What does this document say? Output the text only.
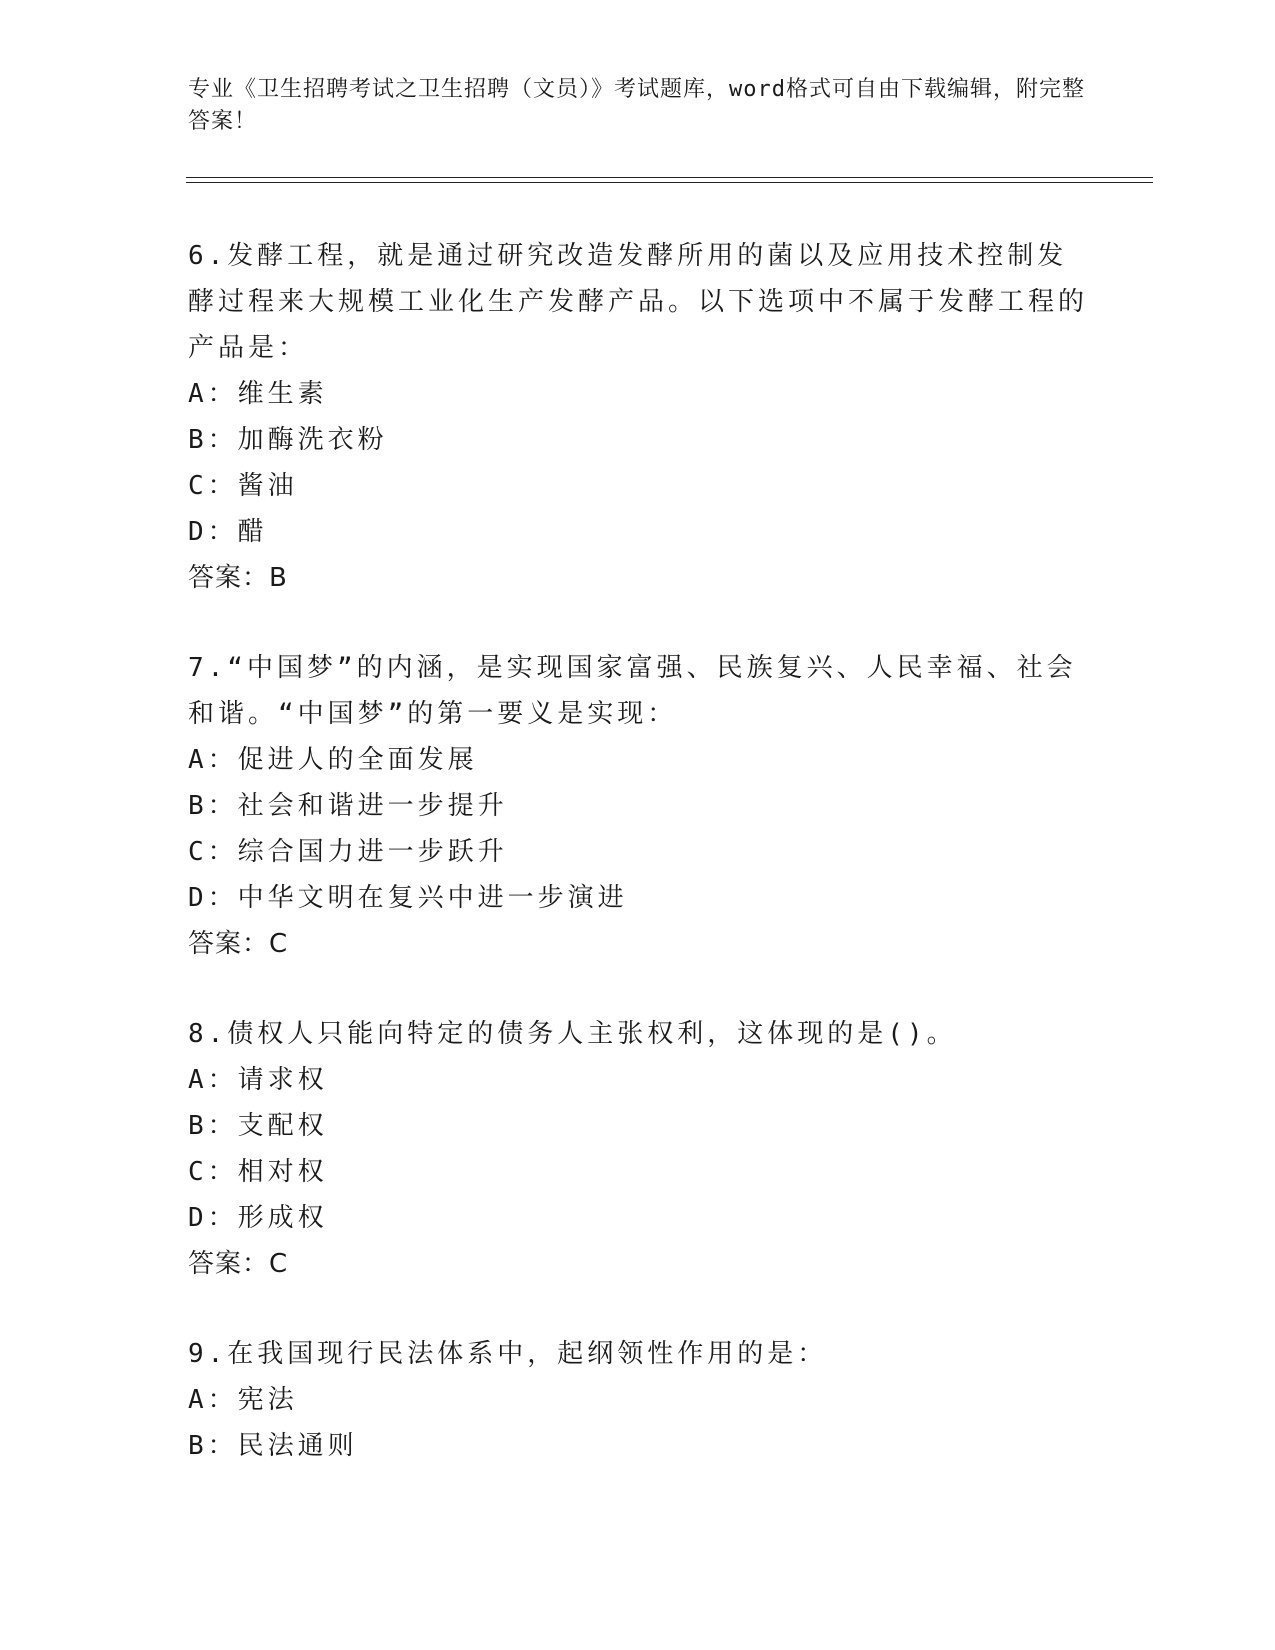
专业《卫生招聘考试之卫生招聘（文员）》考试题库，word格式可自由下载编辑，附完整答案！
6.发酵工程，就是通过研究改造发酵所用的菌以及应用技术控制发酵过程来大规模工业化生产发酵产品。以下选项中不属于发酵工程的产品是：
A：维生素
B：加酶洗衣粉
C：酱油
D：醋
答案：B
7.“中国梦”的内涵，是实现国家富强、民族复兴、人民幸福、社会和谐。“中国梦”的第一要义是实现：
A：促进人的全面发展
B：社会和谐进一步提升
C：综合国力进一步跃升
D：中华文明在复兴中进一步演进
答案：C
8.债权人只能向特定的债务人主张权利，这体现的是()。
A：请求权
B：支配权
C：相对权
D：形成权
答案：C
9.在我国现行民法体系中，起纲领性作用的是：
A：宪法
B：民法通则
